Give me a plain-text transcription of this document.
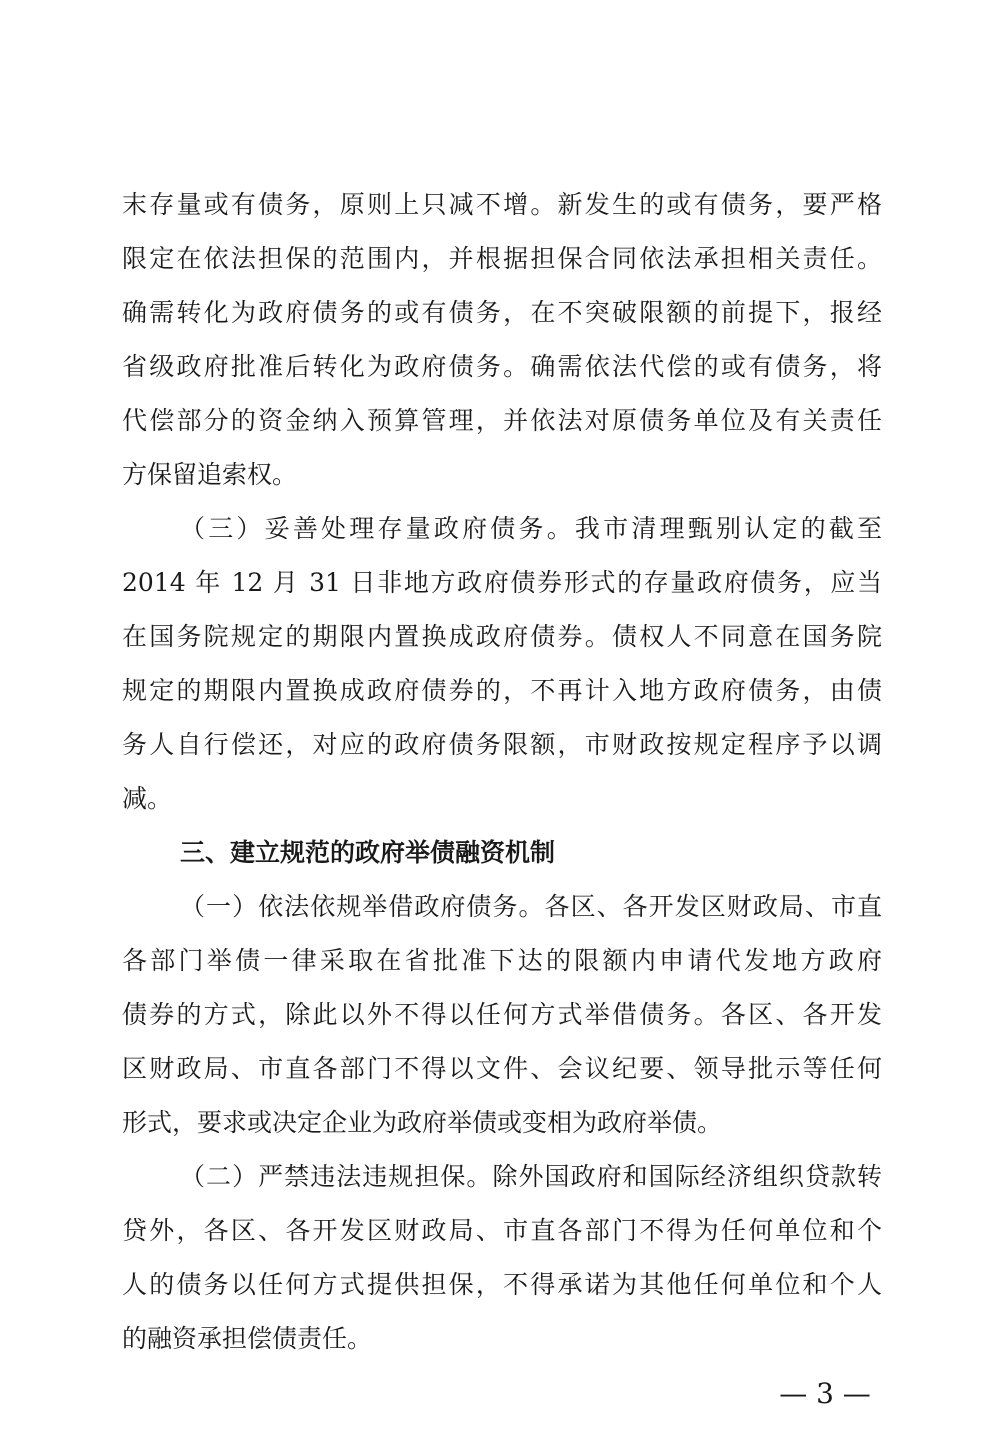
末存量或有债务，原则上只减不增。新发生的或有债务，要严格
限定在依法担保的范围内，并根据担保合同依法承担相关责任。
确需转化为政府债务的或有债务，在不突破限额的前提下，报经
省级政府批准后转化为政府债务。确需依法代偿的或有债务，将
代偿部分的资金纳入预算管理，并依法对原债务单位及有关责任
方保留追索权。
（三）妥善处理存量政府债务。我市清理甄别认定的截至
2014 年 12 月 31 日非地方政府债券形式的存量政府债务，应当
在国务院规定的期限内置换成政府债券。债权人不同意在国务院
规定的期限内置换成政府债券的，不再计入地方政府债务，由债
务人自行偿还，对应的政府债务限额，市财政按规定程序予以调
减。
三、建立规范的政府举债融资机制
（一）依法依规举借政府债务。各区、各开发区财政局、市直
各部门举债一律采取在省批准下达的限额内申请代发地方政府
债券的方式，除此以外不得以任何方式举借债务。各区、各开发
区财政局、市直各部门不得以文件、会议纪要、领导批示等任何
形式，要求或决定企业为政府举债或变相为政府举债。
（二）严禁违法违规担保。除外国政府和国际经济组织贷款转
贷外，各区、各开发区财政局、市直各部门不得为任何单位和个
人的债务以任何方式提供担保，不得承诺为其他任何单位和个人
的融资承担偿债责任。
— 3 —
